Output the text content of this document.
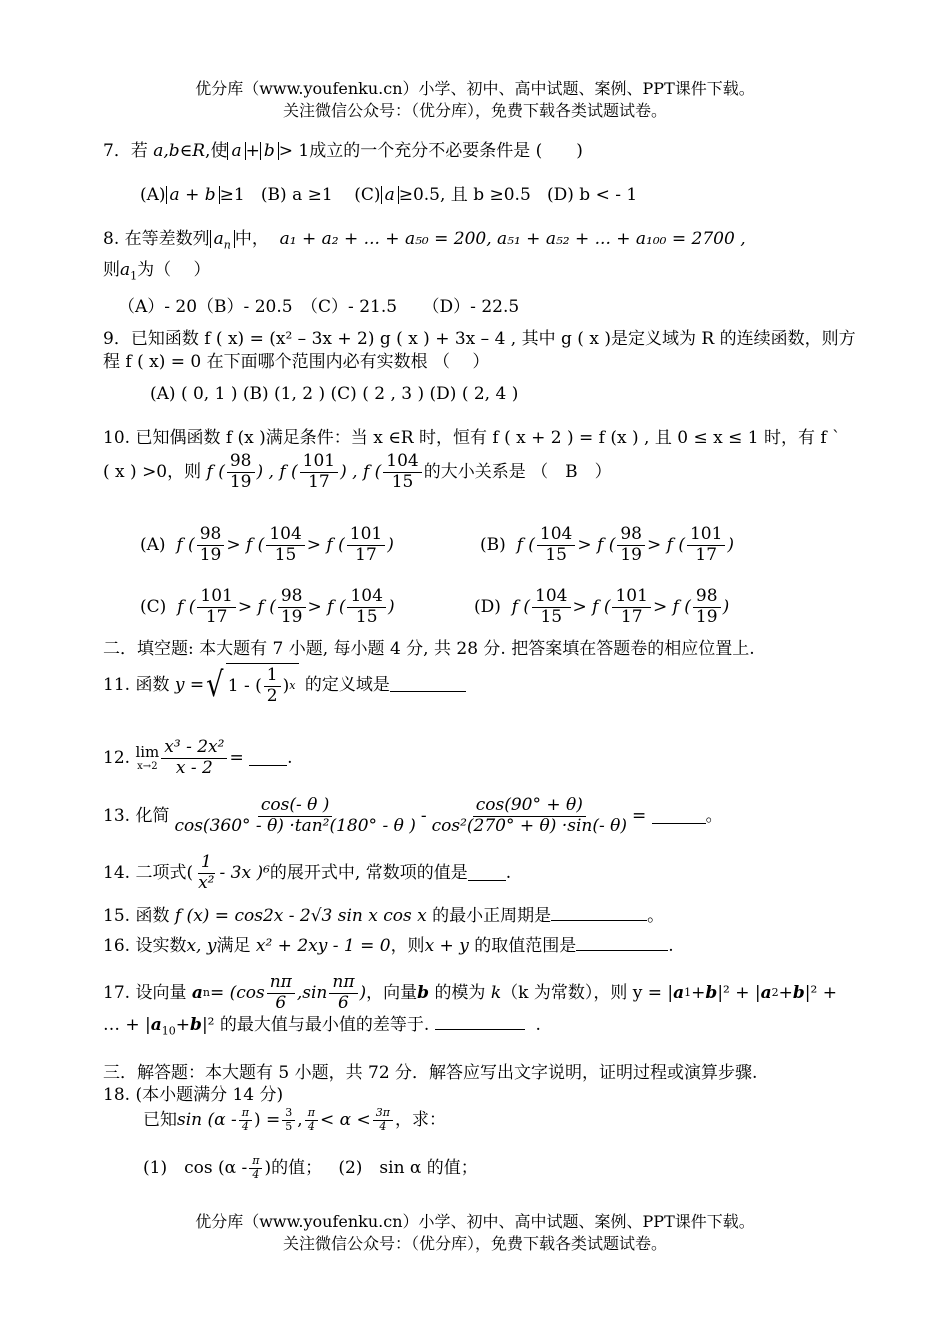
优分库（www.youfenku.cn）小学、初中、高中试题、案例、PPT课件下载。
关注微信公众号：（优分库），免费下载各类试题试卷。
7．若 a,b∈R,使 a + b > 1成立的一个充分不必要条件是 (　　)
(A) a + b ≥1 (B) a ≥1 (C) a ≥0.5, 且 b ≥0.5 (D) b < - 1
8. 在等差数列 $a_n$ 中， a₁ + a₂ + ... + a₅₀ = 200, a₅₁ + a₅₂ + ... + a₁₀₀ = 2700 ,
则$a_1$为（　 ）
（A）- 20（B）- 20.5　（C）- 21.5　　（D）- 22.5
9．已知函数 f ( x) = (x² – 3x + 2) g ( x ) + 3x – 4 , 其中 g ( x )是定义域为 R 的连续函数，则方
程 f ( x) = 0 在下面哪个范围内必有实数根 （　 ）
(A) ( 0, 1 ) (B) (1, 2 ) (C) ( 2 , 3 ) (D) ( 2, 4 )
10. 已知偶函数 f (x )满足条件：当 x ∈R 时，恒有 f ( x + 2 ) = f (x ) , 且 0 ≤ x ≤ 1 时，有 f `
( x ) >0，则
f ( $\frac{98}{19}$ ) , f ( $\frac{101}{17}$ ) , f ( $\frac{104}{15}$ 的大小关系是 （　B　）
(A)
f ( $\frac{98}{19} > f$ ( $\frac{104}{15} > f$ ( $\frac{101}{17}$ )	(B)
f ( $\frac{104}{15} > f$ ( $\frac{98}{19} > f$ ( $\frac{101}{17}$ )
(C)
f ( $\frac{101}{17} > f$ ( $\frac{98}{19} > f$ ( $\frac{104}{15}$ )	(D)
f ( $\frac{104}{15} > f$ ( $\frac{101}{17} > f$ ( $\frac{98}{19}$ )
二．填空题: 本大题有 7 小题, 每小题 4 分, 共 28 分. 把答案填在答题卷的相应位置上.
11. 函数
y = √ 1 - ( $\frac{1}{2}$ ) x
的定义域是
12.
lim
$x\to 2 \frac{\text{x³ - 2x²}}{x - 2}$ =
	.
13. 化简 $\frac{\cos(- \theta )}{\text{cos(360° - θ) ·tan²(180° - θ )}} - \frac{\cos(90^\circ + \theta)}{\text{cos²(270° + θ) ·sin(- θ)}}$ =
	。
14. 二项式( $\frac{1}{\text{x²}} - 3x$ )⁶ 的展开式中, 常数项的值是 .
15. 函数 f (x) = cos2x - 2√3 sin x cos x 的最小正周期是	。
16. 设实数x, y满足 x² + 2xy - 1 = 0，则x + y 的取值范围是	.
17. 设向量
a $n = (\cos \frac{n\pi}{6} ,\sin \frac{n\pi}{6}$ ) ，向量 b
的模为
k （k 为常数），则 y = | a 1 + b |² + | a 2 + b |² +
… + $|a_{10}+b|^2$ 的最大值与最小值的差等于.	.
三．解答题：本大题有 5 小题，共 72 分．解答应写出文字说明，证明过程或演算步骤.
18. (本小题满分 14 分)
已知 $\sin (\alpha - \frac{\pi}{4}$ ) = $\frac{3}{5}$ , $\frac{\pi}{4} < \alpha < \frac{3\pi}{4}$ ，求：
(1)　$\cos (\alpha - \frac{\pi}{4}$ )的值；
(2)　sin α 的值；
优分库（www.youfenku.cn）小学、初中、高中试题、案例、PPT课件下载。
关注微信公众号：（优分库），免费下载各类试题试卷。
